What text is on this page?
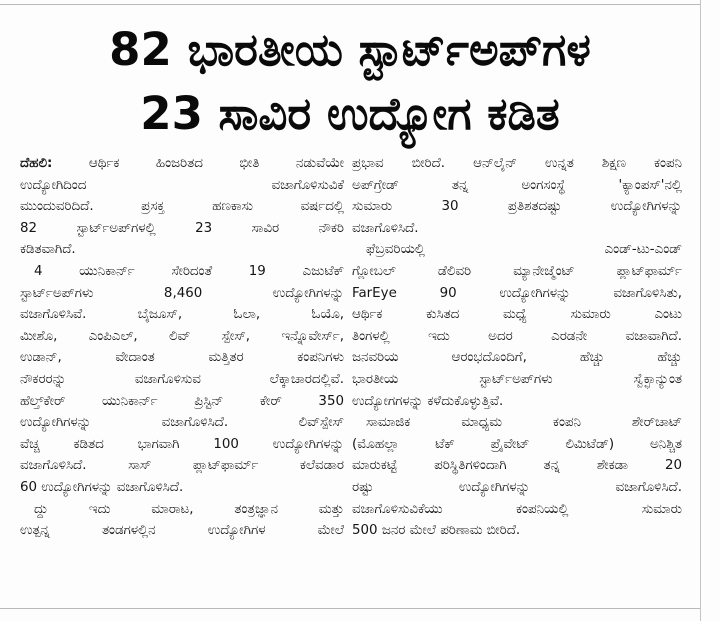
82 ಭಾರತೀಯ ಸ್ಟಾರ್ಟ್‌ಅಪ್‌ಗಳ
23 ಸಾವಿರ ಉದ್ಯೋಗ ಕಡಿತ
ದೆಹಲಿ: ಆರ್ಥಿಕ ಹಿಂಜರಿತದ ಭೀತಿ ನಡುವೆಯೇ
ಉದ್ಯೋಗಿದಿಂದ ವಜಾಗೊಳಿಸುವಿಕೆ
ಮುಂದುವರಿದಿದೆ. ಪ್ರಸಕ್ತ ಹಣಕಾಸು ವರ್ಷದಲ್ಲಿ
82 ಸ್ಟಾರ್ಟ್‌ಅಪ್‌ಗಳಲ್ಲಿ 23 ಸಾವಿರ ನೌಕರಿ
ಕಡಿತವಾಗಿದೆ.
4 ಯುನಿಕಾರ್ನ್ ಸೇರಿದಂತೆ 19 ಎಜುಟೆಕ್
ಸ್ಟಾರ್ಟ್‌ಅಪ್‌ಗಳು 8,460 ಉದ್ಯೋಗಿಗಳನ್ನು
ವಜಾಗೊಳಿಸಿವೆ. ಬೈಜೂಸ್, ಓಲಾ, ಓಯೊ,
ಮೀಶೊ, ಎಂಪಿಎಲ್, ಲಿವ್ ಸ್ಪೇಸ್, ಇನ್ನೊವೇರ್ಸ್,
ಉಡಾನ್, ವೇದಾಂತ ಮತ್ತಿತರ ಕಂಪನಿಗಳು
ನೌಕರರನ್ನು ವಜಾಗೊಳಿಸುವ ಲೆಕ್ಕಾಚಾರದಲ್ಲಿವೆ.
ಹೆಲ್ತ್‌ಕೇರ್ ಯುನಿಕಾರ್ನ್ ಪ್ರಿಸ್ಟಿನ್ ಕೇರ್ 350
ಉದ್ಯೋಗಿಗಳನ್ನು ವಜಾಗೊಳಿಸಿದೆ. ಲಿವ್‌ಸ್ಪೇಸ್
ವೆಚ್ಚ ಕಡಿತದ ಭಾಗವಾಗಿ 100 ಉದ್ಯೋಗಿಗಳನ್ನು
ವಜಾಗೊಳಿಸಿದೆ. ಸಾಸ್ ಪ್ಲಾಟ್‌ಫಾರ್ಮ್ ಕಲೆವಡಾರ
60 ಉದ್ಯೋಗಿಗಳನ್ನು ವಜಾಗೊಳಿಸಿದೆ.
ದ್ದು ಇದು ಮಾರಾಟ, ತಂತ್ರಜ್ಞಾನ ಮತ್ತು
ಉತ್ಪನ್ನ ತಂಡಗಳಲ್ಲಿನ ಉದ್ಯೋಗಿಗಳ ಮೇಲೆ
ಪ್ರಭಾವ ಬೀರಿದೆ. ಆನ್‌ಲೈನ್ ಉನ್ನತ ಶಿಕ್ಷಣ ಕಂಪನಿ
ಅಪ್‌ಗ್ರೇಡ್ ತನ್ನ ಅಂಗಸಂಸ್ಥೆ 'ಕ್ಯಾಂಪಸ್'ನಲ್ಲಿ
ಸುಮಾರು 30 ಪ್ರತಿಶತದಷ್ಟು ಉದ್ಯೋಗಿಗಳನ್ನು
ವಜಾಗೊಳಿಸಿದೆ.
ಫೆಬ್ರವರಿಯಲ್ಲಿ ಎಂಡ್-ಟು-ಎಂಡ್
ಗ್ಲೋಬಲ್ ಡೆಲಿವರಿ ಮ್ಯಾನೇಜ್ಮೆಂಟ್ ಪ್ಲಾಟ್‌ಫಾರ್ಮ್
FarEye 90 ಉದ್ಯೋಗಿಗಳನ್ನು ವಜಾಗೊಳಿಸಿತು,
ಆರ್ಥಿಕ ಕುಸಿತದ ಮಧ್ಯೆ ಸುಮಾರು ಎಂಟು
ತಿಂಗಳಲ್ಲಿ ಇದು ಅದರ ಎರಡನೇ ವಜಾವಾಗಿದೆ.
ಜನವರಿಯ ಆರಂಭದೊಂದಿಗೆ, ಹೆಚ್ಚು ಹೆಚ್ಚು
ಭಾರತೀಯ ಸ್ಟಾರ್ಟ್‌ಅಪ್‌ಗಳು ಸ್ವೆಕ್ಛಾನ್ಯುಂತ
ಉದ್ಯೋಗಗಳನ್ನು ಕಳೆದುಕೊಳ್ಳುತ್ತಿವೆ.
ಸಾಮಾಜಿಕ ಮಾಧ್ಯಮ ಕಂಪನಿ ಶೇರ್‌ಚಾಟ್
(ಮೊಹಲ್ಲಾ ಟೆಕ್ ಪ್ರೈವೇಟ್ ಲಿಮಿಟೆಡ್) ಅನಿಶ್ಚಿತ
ಮಾರುಕಟ್ಟೆ ಪರಿಸ್ಥಿತಿಗಳಿಂದಾಗಿ ತನ್ನ ಶೇಕಡಾ 20
ರಷ್ಟು ಉದ್ಯೋಗಿಗಳನ್ನು ವಜಾಗೊಳಿಸಿದೆ.
ವಜಾಗೊಳಿಸುವಿಕೆಯು ಕಂಪನಿಯಲ್ಲಿ ಸುಮಾರು
500 ಜನರ ಮೇಲೆ ಪರಿಣಾಮ ಬೀರಿದೆ.
